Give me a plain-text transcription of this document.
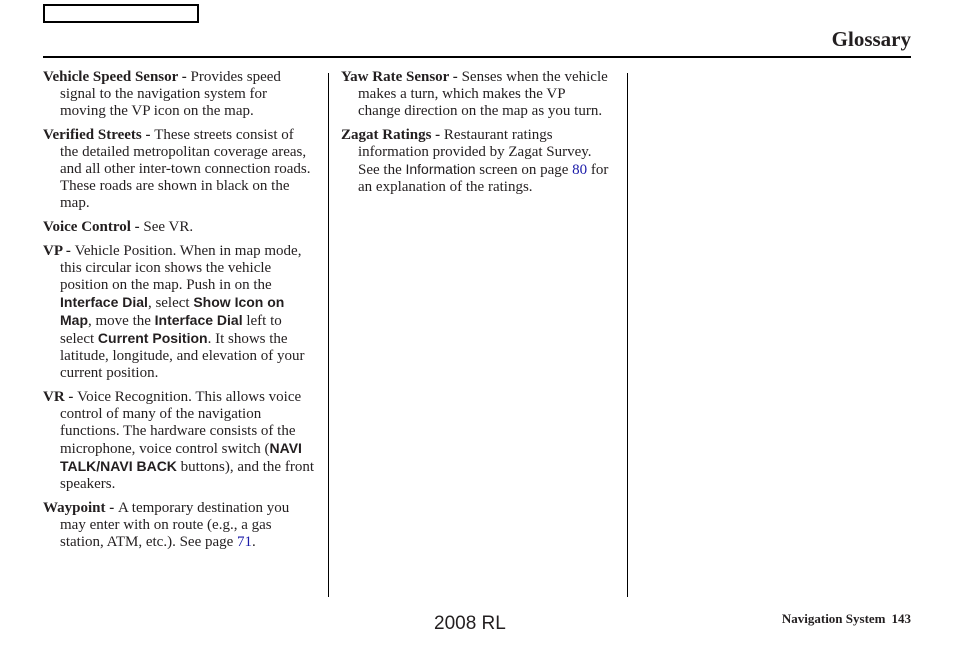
Glossary

Vehicle Speed Sensor - Provides speed signal to the navigation system for moving the VP icon on the map.

Verified Streets - These streets consist of the detailed metropolitan coverage areas, and all other inter-town connection roads. These roads are shown in black on the map.

Voice Control - See VR.

VP - Vehicle Position. When in map mode, this circular icon shows the vehicle position on the map. Push in on the Interface Dial, select Show Icon on Map, move the Interface Dial left to select Current Position. It shows the latitude, longitude, and elevation of your current position.

VR - Voice Recognition. This allows voice control of many of the navigation functions. The hardware consists of the microphone, voice control switch (NAVI TALK/NAVI BACK buttons), and the front speakers.

Waypoint - A temporary destination you may enter with on route (e.g., a gas station, ATM, etc.). See page 71.

Yaw Rate Sensor - Senses when the vehicle makes a turn, which makes the VP change direction on the map as you turn.

Zagat Ratings - Restaurant ratings information provided by Zagat Survey. See the Information screen on page 80 for an explanation of the ratings.

2008 RL	Navigation System 143
